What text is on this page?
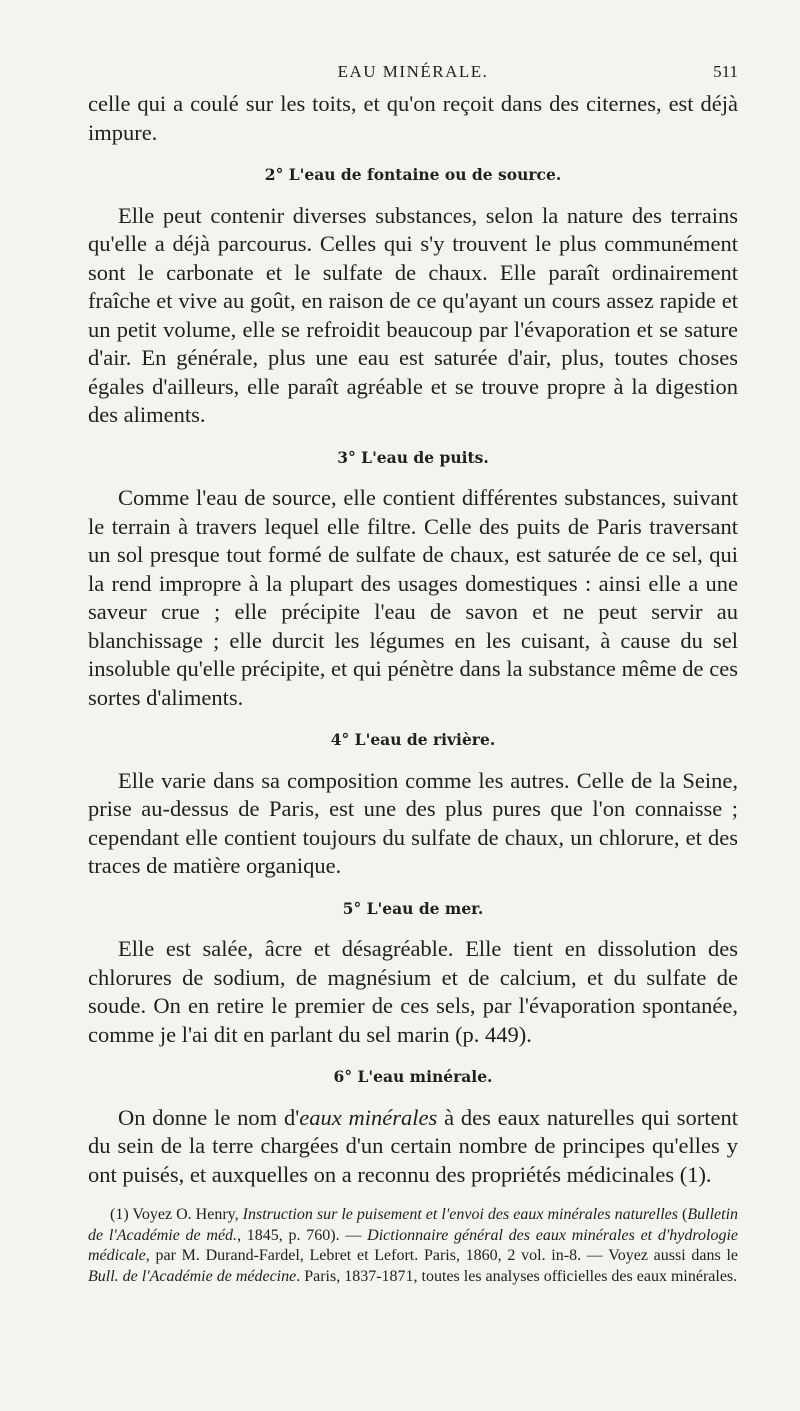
EAU MINÉRALE.	511

celle qui a coulé sur les toits, et qu'on reçoit dans des citernes, est déjà impure.

2° L'eau de fontaine ou de source.

Elle peut contenir diverses substances, selon la nature des terrains qu'elle a déjà parcourus. Celles qui s'y trouvent le plus communément sont le carbonate et le sulfate de chaux. Elle paraît ordinairement fraîche et vive au goût, en raison de ce qu'ayant un cours assez rapide et un petit volume, elle se refroidit beaucoup par l'évaporation et se sature d'air. En générale, plus une eau est saturée d'air, plus, toutes choses égales d'ailleurs, elle paraît agréable et se trouve propre à la digestion des aliments.

3° L'eau de puits.

Comme l'eau de source, elle contient différentes substances, suivant le terrain à travers lequel elle filtre. Celle des puits de Paris traversant un sol presque tout formé de sulfate de chaux, est saturée de ce sel, qui la rend impropre à la plupart des usages domestiques : ainsi elle a une saveur crue ; elle précipite l'eau de savon et ne peut servir au blanchissage ; elle durcit les légumes en les cuisant, à cause du sel insoluble qu'elle précipite, et qui pénètre dans la substance même de ces sortes d'aliments.

4° L'eau de rivière.

Elle varie dans sa composition comme les autres. Celle de la Seine, prise au-dessus de Paris, est une des plus pures que l'on connaisse ; cependant elle contient toujours du sulfate de chaux, un chlorure, et des traces de matière organique.

5° L'eau de mer.

Elle est salée, âcre et désagréable. Elle tient en dissolution des chlorures de sodium, de magnésium et de calcium, et du sulfate de soude. On en retire le premier de ces sels, par l'évaporation spontanée, comme je l'ai dit en parlant du sel marin (p. 449).

6° L'eau minérale.

On donne le nom d'eaux minérales à des eaux naturelles qui sortent du sein de la terre chargées d'un certain nombre de principes qu'elles y ont puisés, et auxquelles on a reconnu des propriétés médicinales (1).

(1) Voyez O. Henry, Instruction sur le puisement et l'envoi des eaux minérales naturelles (Bulletin de l'Académie de méd., 1845, p. 760). — Dictionnaire général des eaux minérales et d'hydrologie médicale, par M. Durand-Fardel, Lebret et Lefort. Paris, 1860, 2 vol. in-8. — Voyez aussi dans le Bull. de l'Académie de médecine. Paris, 1837-1871, toutes les analyses officielles des eaux minérales.
